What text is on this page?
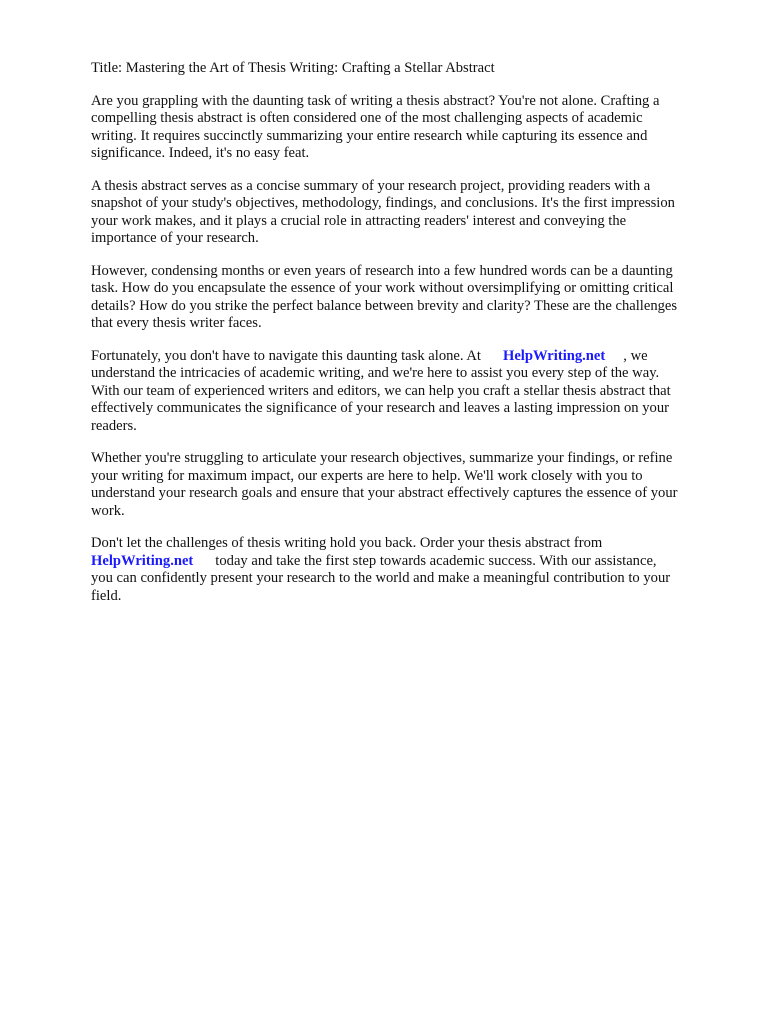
Title: Mastering the Art of Thesis Writing: Crafting a Stellar Abstract

Are you grappling with the daunting task of writing a thesis abstract? You're not alone. Crafting a
compelling thesis abstract is often considered one of the most challenging aspects of academic
writing. It requires succinctly summarizing your entire research while capturing its essence and
significance. Indeed, it's no easy feat.

A thesis abstract serves as a concise summary of your research project, providing readers with a
snapshot of your study's objectives, methodology, findings, and conclusions. It's the first impression
your work makes, and it plays a crucial role in attracting readers' interest and conveying the
importance of your research.

However, condensing months or even years of research into a few hundred words can be a daunting
task. How do you encapsulate the essence of your work without oversimplifying or omitting critical
details? How do you strike the perfect balance between brevity and clarity? These are the challenges
that every thesis writer faces.

Fortunately, you don't have to navigate this daunting task alone. At HelpWriting.net , we
understand the intricacies of academic writing, and we're here to assist you every step of the way.
With our team of experienced writers and editors, we can help you craft a stellar thesis abstract that
effectively communicates the significance of your research and leaves a lasting impression on your
readers.

Whether you're struggling to articulate your research objectives, summarize your findings, or refine
your writing for maximum impact, our experts are here to help. We'll work closely with you to
understand your research goals and ensure that your abstract effectively captures the essence of your
work.

Don't let the challenges of thesis writing hold you back. Order your thesis abstract from
HelpWriting.net today and take the first step towards academic success. With our assistance,
you can confidently present your research to the world and make a meaningful contribution to your
field.
